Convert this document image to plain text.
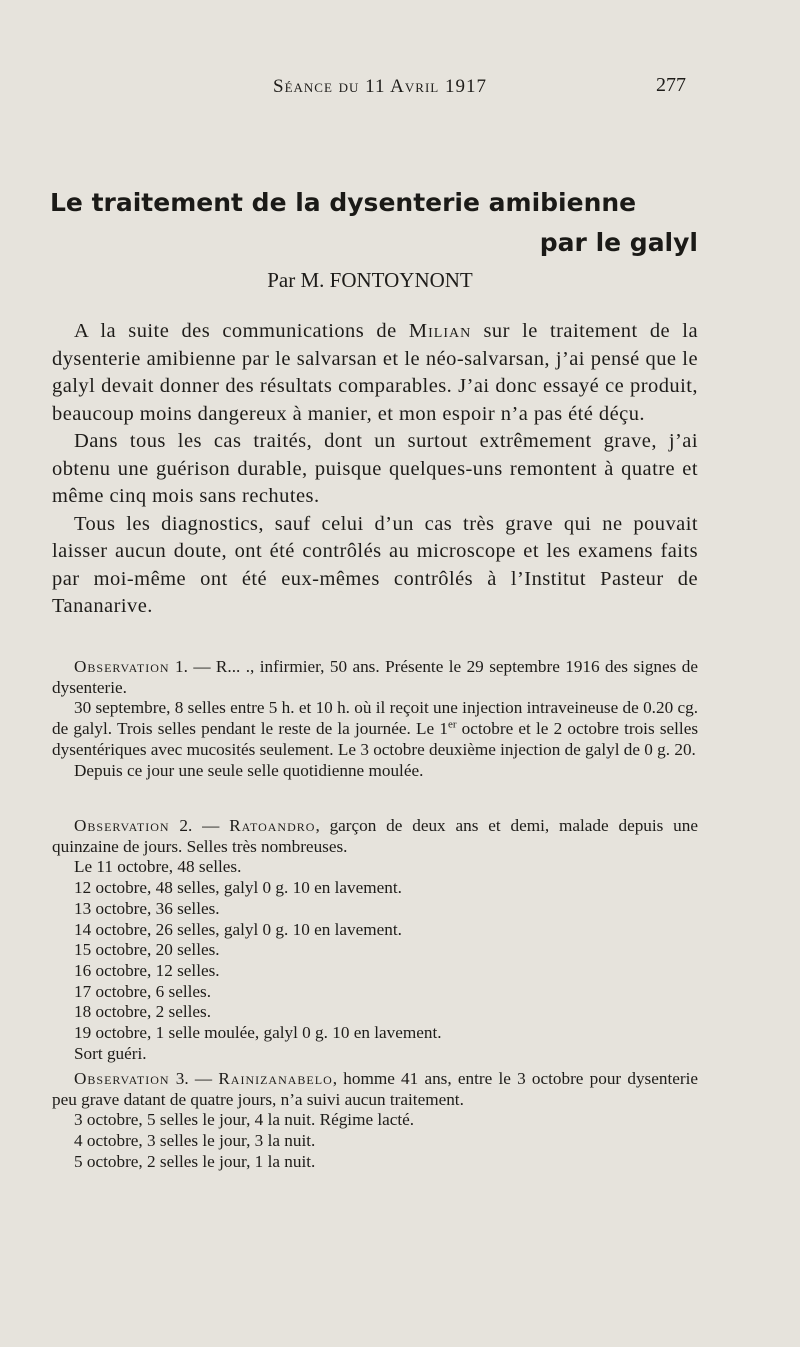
Séance du 11 Avril 1917	277
Le traitement de la dysenterie amibienne
par le galyl
Par M. FONTOYNONT

A la suite des communications de Milian sur le traitement de la dysenterie amibienne par le salvarsan et le néo-salvarsan, j’ai pensé que le galyl devait donner des résultats comparables. J’ai donc essayé ce produit, beaucoup moins dangereux à manier, et mon espoir n’a pas été déçu.

Dans tous les cas traités, dont un surtout extrêmement grave, j’ai obtenu une guérison durable, puisque quelques-uns remontent à quatre et même cinq mois sans rechutes.

Tous les diagnostics, sauf celui d’un cas très grave qui ne pouvait laisser aucun doute, ont été contrôlés au microscope et les examens faits par moi-même ont été eux-mêmes contrôlés à l’Institut Pasteur de Tananarive.

Observation 1. — R... ., infirmier, 50 ans. Présente le 29 septembre 1916 des signes de dysenterie.

30 septembre, 8 selles entre 5 h. et 10 h. où il reçoit une injection intraveineuse de 0.20 cg. de galyl. Trois selles pendant le reste de la journée. Le 1er octobre et le 2 octobre trois selles dysentériques avec mucosités seulement. Le 3 octobre deuxième injection de galyl de 0 g. 20.

Depuis ce jour une seule selle quotidienne moulée.

Observation 2. — Ratoandro, garçon de deux ans et demi, malade depuis une quinzaine de jours. Selles très nombreuses.

Le 11 octobre, 48 selles.

12 octobre, 48 selles, galyl 0 g. 10 en lavement.

13 octobre, 36 selles.

14 octobre, 26 selles, galyl 0 g. 10 en lavement.

15 octobre, 20 selles.

16 octobre, 12 selles.

17 octobre, 6 selles.

18 octobre, 2 selles.

19 octobre, 1 selle moulée, galyl 0 g. 10 en lavement.

Sort guéri.

Observation 3. — Rainizanabelo, homme 41 ans, entre le 3 octobre pour dysenterie peu grave datant de quatre jours, n’a suivi aucun traitement.

3 octobre, 5 selles le jour, 4 la nuit. Régime lacté.

4 octobre, 3 selles le jour, 3 la nuit.

5 octobre, 2 selles le jour, 1 la nuit.
